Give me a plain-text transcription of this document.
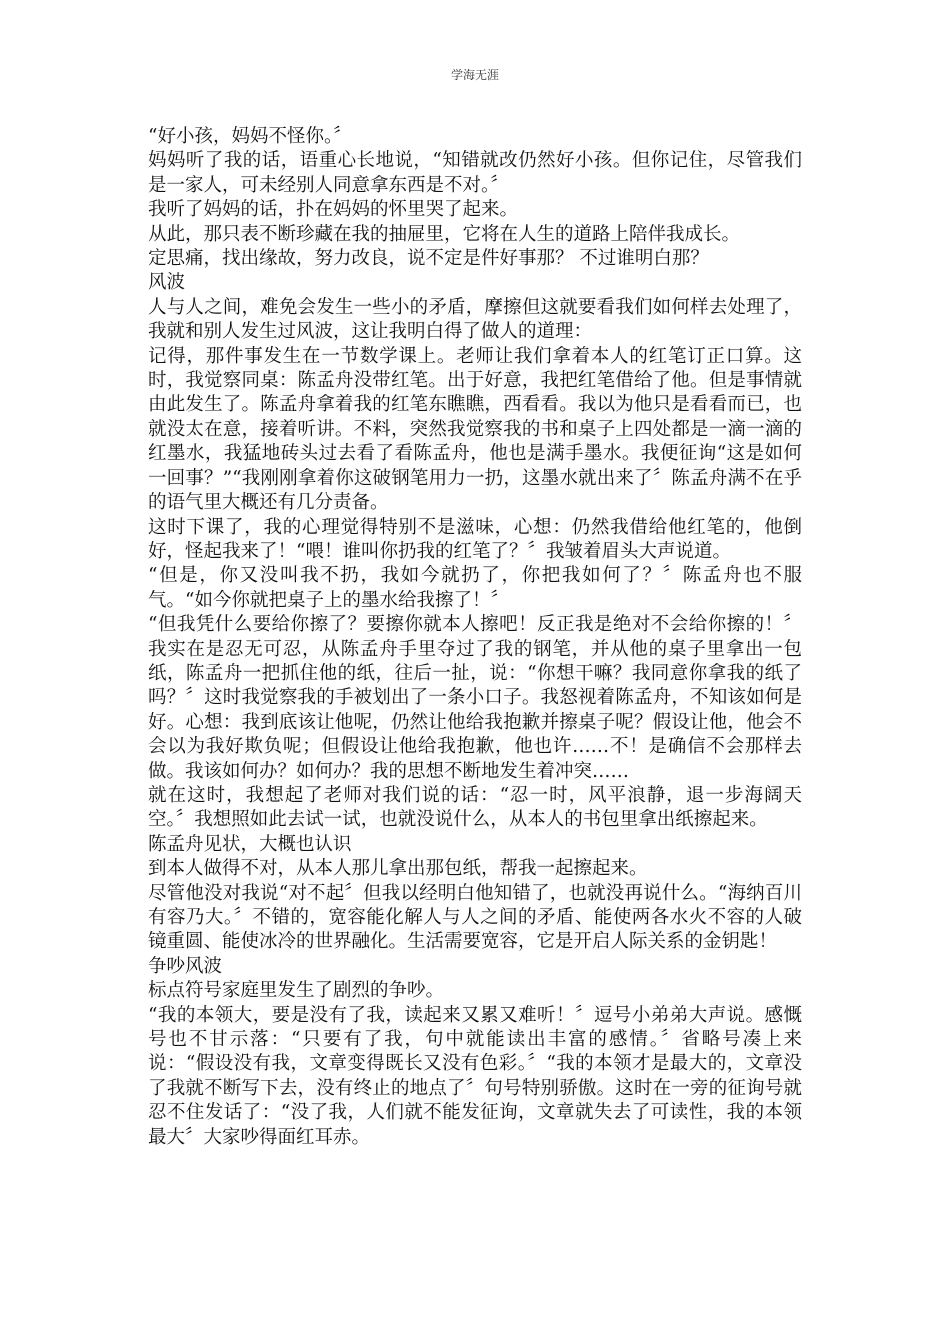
学海无涯

“好小孩，妈妈不怪你。〞

妈妈听了我的话，语重心长地说，“知错就改仍然好小孩。但你记住，尽管我们是一家人，可未经别人同意拿东西是不对。〞

我听了妈妈的话，扑在妈妈的怀里哭了起来。

从此，那只表不断珍藏在我的抽屉里，它将在人生的道路上陪伴我成长。

定思痛，找出缘故，努力改良，说不定是件好事那？ 不过谁明白那？

风波

人与人之间，难免会发生一些小的矛盾，摩擦但这就要看我们如何样去处理了，我就和别人发生过风波，这让我明白得了做人的道理：

记得，那件事发生在一节数学课上。老师让我们拿着本人的红笔订正口算。这时，我觉察同桌：陈孟舟没带红笔。出于好意，我把红笔借给了他。但是事情就由此发生了。陈孟舟拿着我的红笔东瞧瞧，西看看。我以为他只是看看而已，也就没太在意，接着听讲。不料，突然我觉察我的书和桌子上四处都是一滴一滴的红墨水，我猛地砖头过去看了看陈孟舟，他也是满手墨水。我便征询“这是如何一回事？”“我刚刚拿着你这破钢笔用力一扔，这墨水就出来了〞陈孟舟满不在乎的语气里大概还有几分责备。

这时下课了，我的心理觉得特别不是滋味，心想：仍然我借给他红笔的，他倒好，怪起我来了！“喂！谁叫你扔我的红笔了？〞我皱着眉头大声说道。

“但是，你又没叫我不扔，我如今就扔了，你把我如何了？〞陈孟舟也不服气。“如今你就把桌子上的墨水给我擦了！〞

“但我凭什么要给你擦了？要擦你就本人擦吧！反正我是绝对不会给你擦的！〞我实在是忍无可忍，从陈孟舟手里夺过了我的钢笔，并从他的桌子里拿出一包纸，陈孟舟一把抓住他的纸，往后一扯，说：“你想干嘛？我同意你拿我的纸了吗？〞这时我觉察我的手被划出了一条小口子。我怒视着陈孟舟，不知该如何是好。心想：我到底该让他呢，仍然让他给我抱歉并擦桌子呢？假设让他，他会不会以为我好欺负呢；但假设让他给我抱歉，他也许……不！是确信不会那样去做。我该如何办？如何办？我的思想不断地发生着冲突……

就在这时，我想起了老师对我们说的话：“忍一时，风平浪静，退一步海阔天空。〞我想照如此去试一试，也就没说什么，从本人的书包里拿出纸擦起来。

陈孟舟见状，大概也认识

到本人做得不对，从本人那儿拿出那包纸，帮我一起擦起来。

尽管他没对我说“对不起〞但我以经明白他知错了，也就没再说什么。“海纳百川有容乃大。〞不错的，宽容能化解人与人之间的矛盾、能使两各水火不容的人破镜重圆、能使冰冷的世界融化。生活需要宽容，它是开启人际关系的金钥匙！

争吵风波

标点符号家庭里发生了剧烈的争吵。

“我的本领大，要是没有了我，读起来又累又难听！〞逗号小弟弟大声说。感慨号也不甘示落：“只要有了我，句中就能读出丰富的感情。〞省略号凑上来说：“假设没有我，文章变得既长又没有色彩。〞“我的本领才是最大的，文章没了我就不断写下去，没有终止的地点了〞句号特别骄傲。这时在一旁的征询号就忍不住发话了：“没了我，人们就不能发征询，文章就失去了可读性，我的本领最大〞大家吵得面红耳赤。
